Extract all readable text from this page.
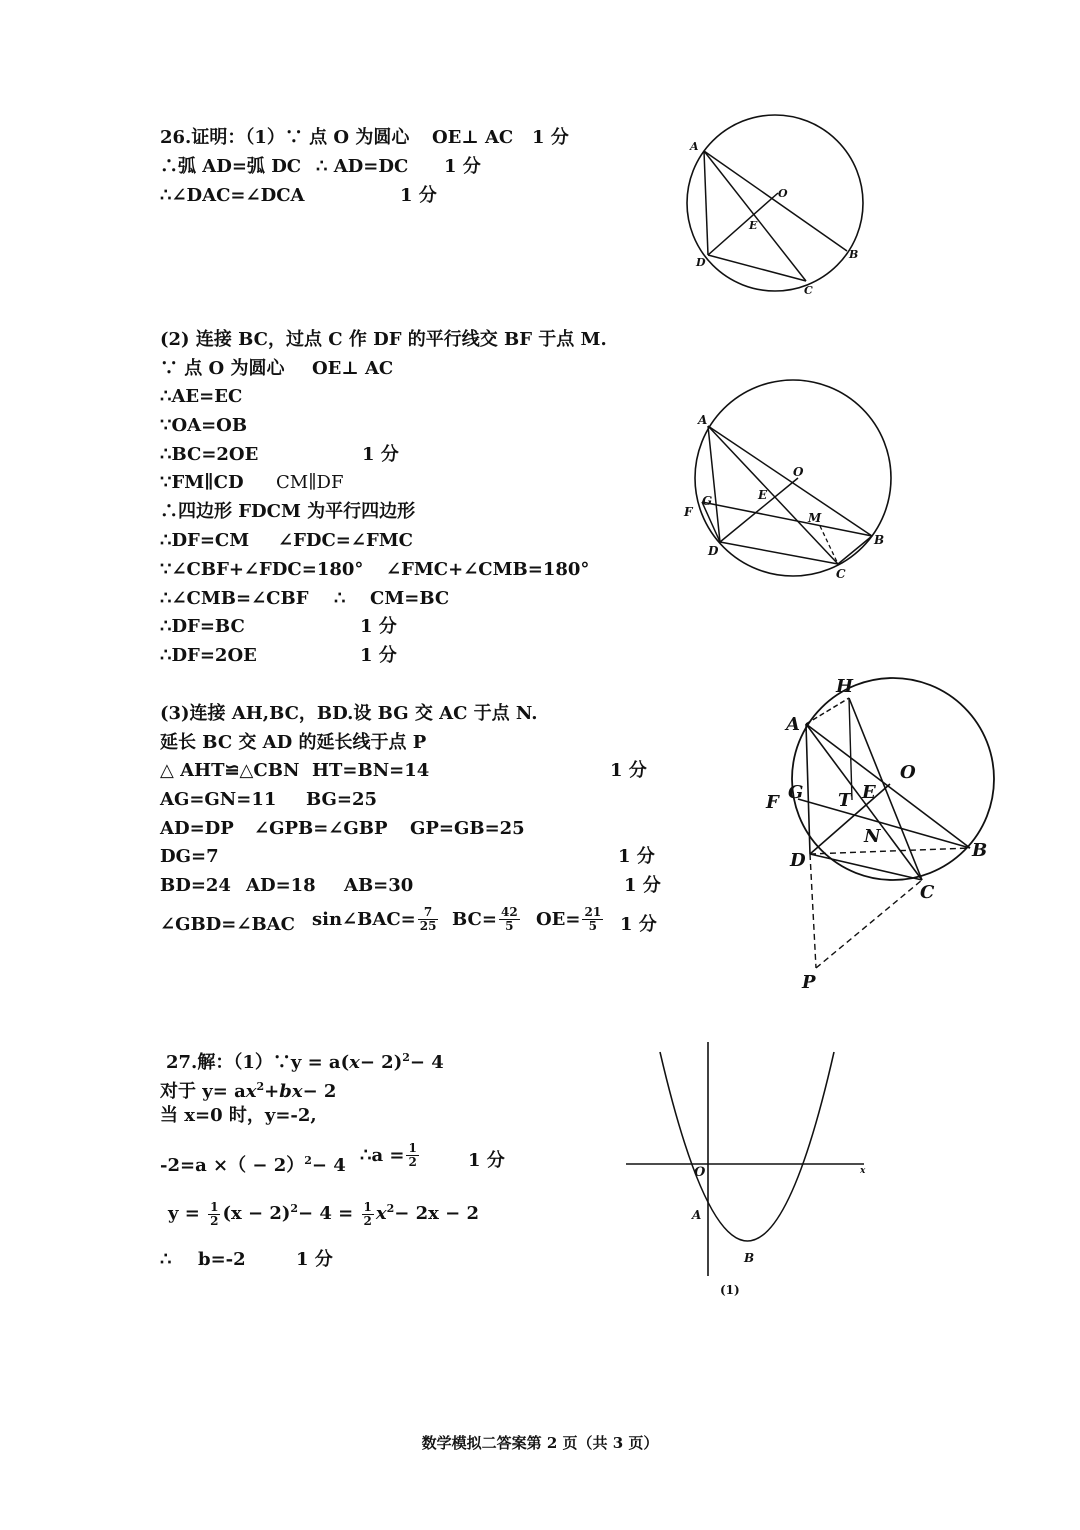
26.证明：（1）∵ 点 O 为圆心 OE⊥ AC 1 分
∴弧 AD=弧 DC ∴ AD=DC 1 分
∴∠DAC=∠DCA	1 分
A
O
E
D
C
B
(2) 连接 BC，过点 C 作 DF 的平行线交 BF 于点 M.
∵ 点 O 为圆心 OE⊥ AC
∴AE=EC
∵OA=OB
∴BC=2OE	1 分
∵FM∥CD CM∥DF
∴四边形 FDCM 为平行四边形
∴DF=CM ∠FDC=∠FMC
∵∠CBF+∠FDC=180° ∠FMC+∠CMB=180°
∴∠CMB=∠CBF ∴ CM=BC
∴DF=BC	1 分
∴DF=2OE	1 分
A
O
E
G
F	M
D
C
B
(3)连接 AH,BC，BD.设 BG 交 AC 于点 N.
延长 BC 交 AD 的延长线于点 P
△ AHT≌△CBN HT=BN=14	1 分
AG=GN=11 BG=25
AD=DP ∠GPB=∠GBP GP=GB=25
DG=7	1 分
BD=24 AD=18 AB=30	1 分
∠GBD=∠BAC sin∠BAC= $\frac{7}{25} BC= \frac{42}{5} OE= \frac{21}{5} 1$ 分
H
A
O
F G T E
N
D	B
C
P
27.解：（1）∵y = $a(x- 2)^2- 4$
对于 $y= ax^2+bx- 2$
当 x=0 时，y=-2,
-2=a ×（ − 2）$^2$− 4 ∴a = $\frac{1}{2}$	1 分
$y = \frac{1}{2} (x - 2)^2- 4 = \frac{1}{2} x^2- 2x - 2$
∴ b=-2	1 分
O	x
A
B
(1)
数学模拟二答案第 2 页（共 3 页）
